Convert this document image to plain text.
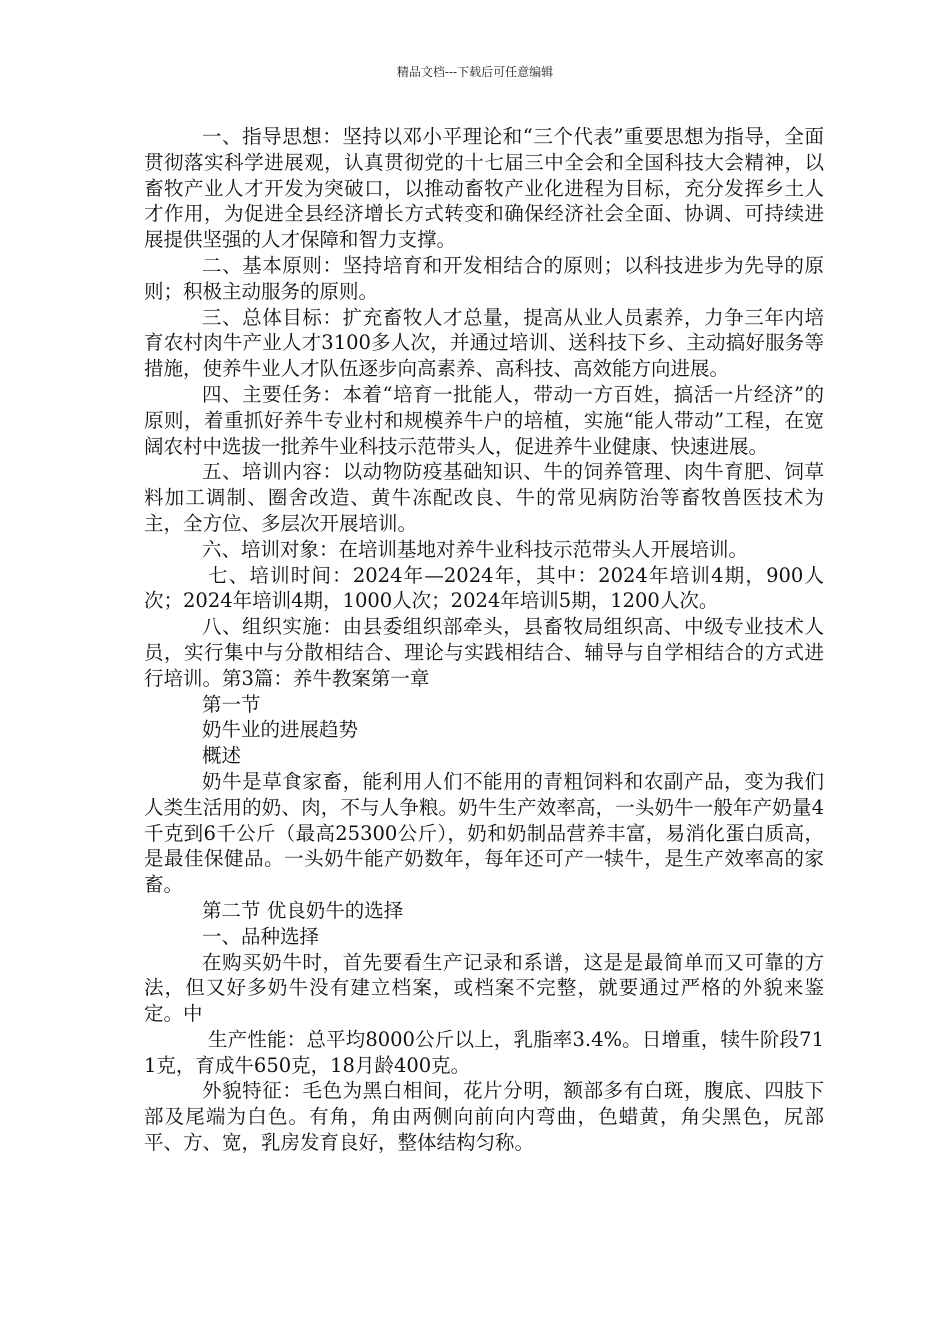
精品文档---下载后可任意编辑

一、指导思想：坚持以邓小平理论和“三个代表”重要思想为指导，全面贯彻落实科学进展观，认真贯彻党的十七届三中全会和全国科技大会精神，以畜牧产业人才开发为突破口，以推动畜牧产业化进程为目标，充分发挥乡土人才作用，为促进全县经济增长方式转变和确保经济社会全面、协调、可持续进展提供坚强的人才保障和智力支撑。

二、基本原则：坚持培育和开发相结合的原则；以科技进步为先导的原则；积极主动服务的原则。

三、总体目标：扩充畜牧人才总量，提高从业人员素养，力争三年内培育农村肉牛产业人才3100多人次，并通过培训、送科技下乡、主动搞好服务等措施，使养牛业人才队伍逐步向高素养、高科技、高效能方向进展。

四、主要任务：本着“培育一批能人，带动一方百姓，搞活一片经济”的原则，着重抓好养牛专业村和规模养牛户的培植，实施“能人带动”工程，在宽阔农村中选拔一批养牛业科技示范带头人，促进养牛业健康、快速进展。

五、培训内容：以动物防疫基础知识、牛的饲养管理、肉牛育肥、饲草料加工调制、圈舍改造、黄牛冻配改良、牛的常见病防治等畜牧兽医技术为主，全方位、多层次开展培训。

六、培训对象：在培训基地对养牛业科技示范带头人开展培训。

七、培训时间：2024年—2024年，其中：2024年培训4期，900人次；2024年培训4期，1000人次；2024年培训5期，1200人次。

八、组织实施：由县委组织部牵头，县畜牧局组织高、中级专业技术人员，实行集中与分散相结合、理论与实践相结合、辅导与自学相结合的方式进行培训。第3篇：养牛教案第一章

第一节

奶牛业的进展趋势

概述

奶牛是草食家畜，能利用人们不能用的青粗饲料和农副产品，变为我们人类生活用的奶、肉，不与人争粮。奶牛生产效率高，一头奶牛一般年产奶量4千克到6千公斤（最高25300公斤），奶和奶制品营养丰富，易消化蛋白质高，是最佳保健品。一头奶牛能产奶数年，每年还可产一犊牛，是生产效率高的家畜。

第二节 优良奶牛的选择

一、品种选择

在购买奶牛时，首先要看生产记录和系谱，这是是最简单而又可靠的方法，但又好多奶牛没有建立档案，或档案不完整，就要通过严格的外貌来鉴定。中

生产性能：总平均8000公斤以上，乳脂率3.4%。日增重，犊牛阶段711克，育成牛650克，18月龄400克。

外貌特征：毛色为黑白相间，花片分明，额部多有白斑，腹底、四肢下部及尾端为白色。有角，角由两侧向前向内弯曲，色蜡黄，角尖黑色，尻部平、方、宽，乳房发育良好，整体结构匀称。
